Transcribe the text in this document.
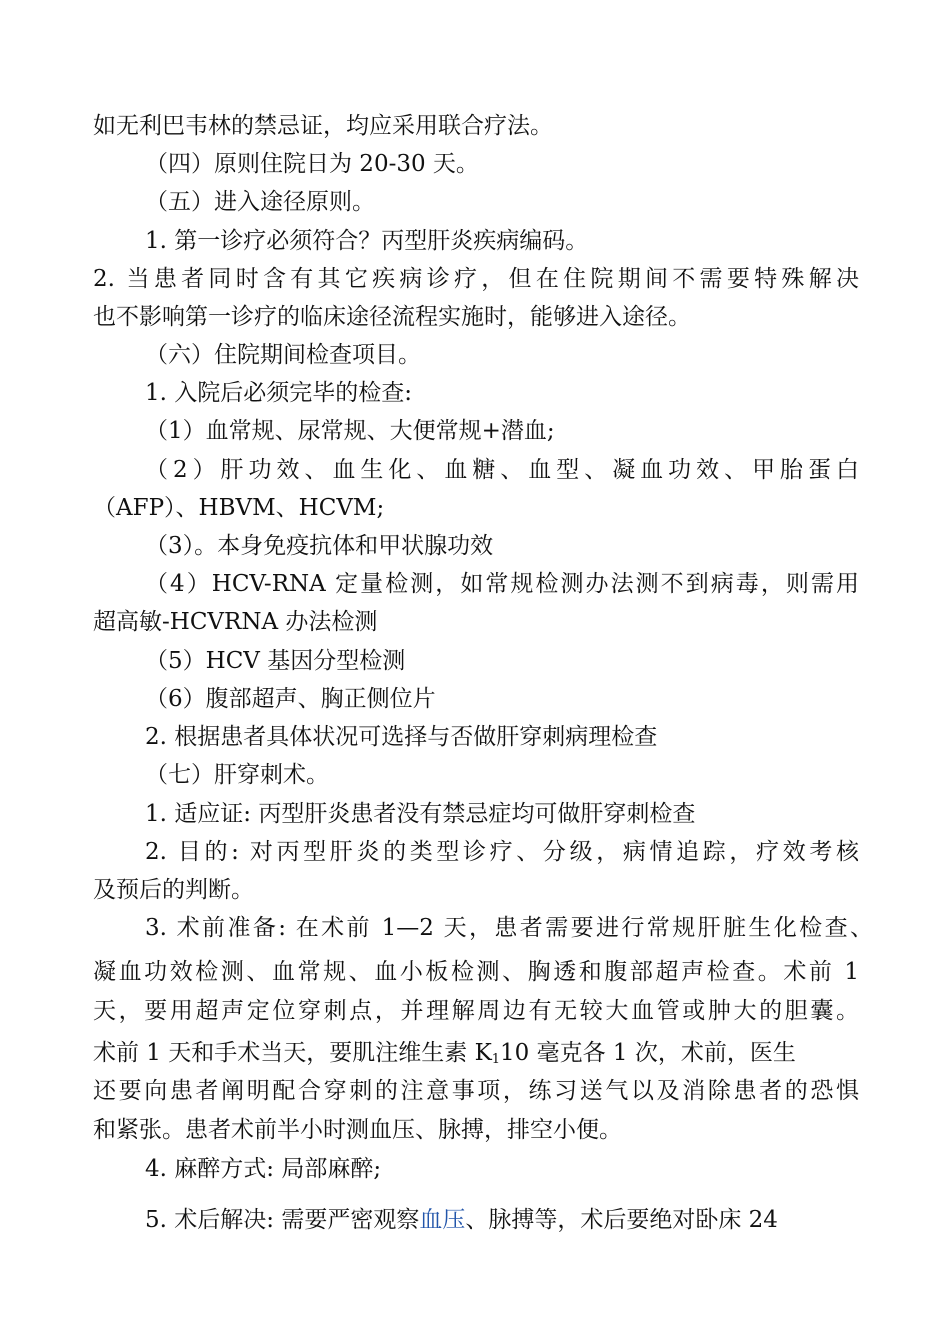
如无利巴韦林的禁忌证，均应采用联合疗法。
（四）原则住院日为 20-30 天。
（五）进入途径原则。
1. 第一诊疗必须符合？丙型肝炎疾病编码。
2. 当患者同时含有其它疾病诊疗，但在住院期间不需要特殊解决
也不影响第一诊疗的临床途径流程实施时，能够进入途径。
（六）住院期间检查项目。
1. 入院后必须完毕的检查:
（1）血常规、尿常规、大便常规+潜血;
（2）肝功效、血生化、血糖、血型、凝血功效、甲胎蛋白
（AFP）、HBVM、HCVM;
（3）。本身免疫抗体和甲状腺功效
（4）HCV-RNA 定量检测，如常规检测办法测不到病毒，则需用
超高敏-HCVRNA 办法检测
（5）HCV 基因分型检测
（6）腹部超声、胸正侧位片
2. 根据患者具体状况可选择与否做肝穿刺病理检查
（七）肝穿刺术。
1. 适应证: 丙型肝炎患者没有禁忌症均可做肝穿刺检查
2. 目的: 对丙型肝炎的类型诊疗、分级，病情追踪，疗效考核
及预后的判断。
3. 术前准备: 在术前 1—2 天，患者需要进行常规肝脏生化检查、
凝血功效检测、血常规、血小板检测、胸透和腹部超声检查。术前 1
天，要用超声定位穿刺点，并理解周边有无较大血管或肿大的胆囊。
术前 1 天和手术当天，要肌注维生素 $K_110$ 毫克各 1 次，术前，医生
还要向患者阐明配合穿刺的注意事项，练习送气以及消除患者的恐惧
和紧张。患者术前半小时测血压、脉搏，排空小便。
4. 麻醉方式: 局部麻醉;
5. 术后解决: 需要严密观察血压、脉搏等，术后要绝对卧床 24
